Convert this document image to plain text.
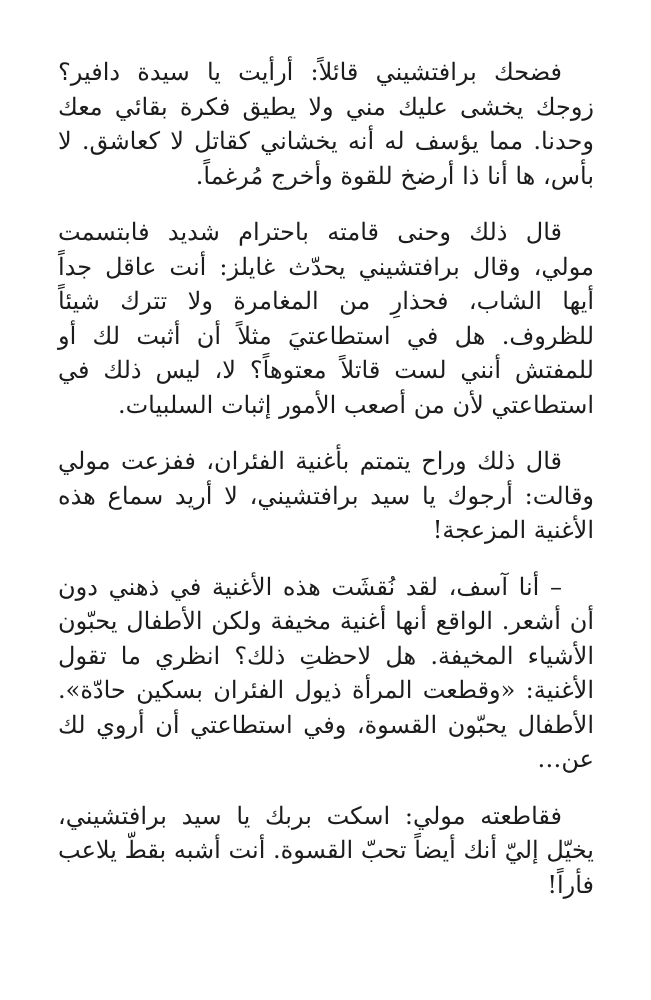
فضحك برافتشيني قائلاً: أرأيت يا سيدة دافير؟ زوجك يخشى عليك مني ولا يطيق فكرة بقائي معك وحدنا. مما يؤسف له أنه يخشاني كقاتل لا كعاشق. لا بأس، ها أنا ذا أرضخ للقوة وأخرج مُرغماً.

قال ذلك وحنى قامته باحترام شديد فابتسمت مولي، وقال برافتشيني يحدّث غايلز: أنت عاقل جداً أيها الشاب، فحذارِ من المغامرة ولا تترك شيئاً للظروف. هل في استطاعتيَ مثلاً أن أثبت لك أو للمفتش أنني لست قاتلاً معتوهاً؟ لا، ليس ذلك في استطاعتي لأن من أصعب الأمور إثبات السلبيات.

قال ذلك وراح يتمتم بأغنية الفئران، ففزعت مولي وقالت: أرجوك يا سيد برافتشيني، لا أريد سماع هذه الأغنية المزعجة!

– أنا آسف، لقد نُقشَت هذه الأغنية في ذهني دون أن أشعر. الواقع أنها أغنية مخيفة ولكن الأطفال يحبّون الأشياء المخيفة. هل لاحظتِ ذلك؟ انظري ما تقول الأغنية: «وقطعت المرأة ذيول الفئران بسكين حادّة». الأطفال يحبّون القسوة، وفي استطاعتي أن أروي لك عن…

فقاطعته مولي: اسكت بربك يا سيد برافتشيني، يخيّل إليّ أنك أيضاً تحبّ القسوة. أنت أشبه بقطّ يلاعب فأراً!
